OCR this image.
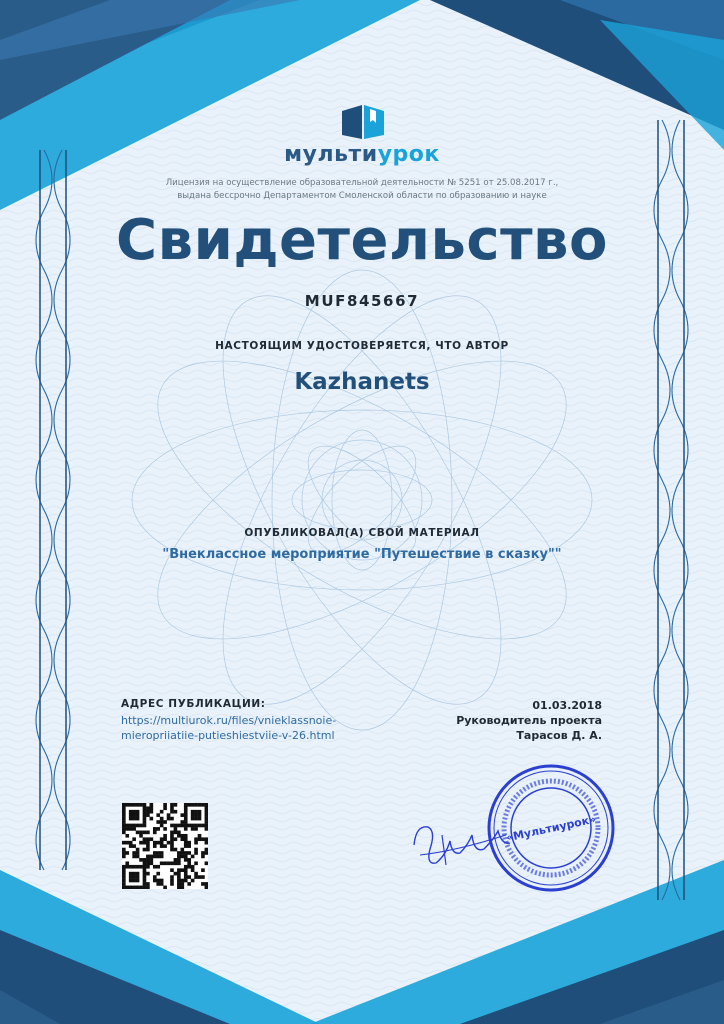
мультиурок
Лицензия на осуществление образовательной деятельности № 5251 от 25.08.2017 г.,
выдана бессрочно Департаментом Смоленской области по образованию и науке
Свидетельство
MUF845667
НАСТОЯЩИМ УДОСТОВЕРЯЕТСЯ, ЧТО АВТОР
Kazhanets
ОПУБЛИКОВАЛ(А) СВОЙ МАТЕРИАЛ
"Внеклассное мероприятие "Путешествие в сказку""
АДРЕС ПУБЛИКАЦИИ:
https://multiurok.ru/files/vnieklassnoie-
mieropriiatiie-putieshiestviie-v-26.html
01.03.2018
Руководитель проекта
Тарасов Д. А.
«Мультиурок»
